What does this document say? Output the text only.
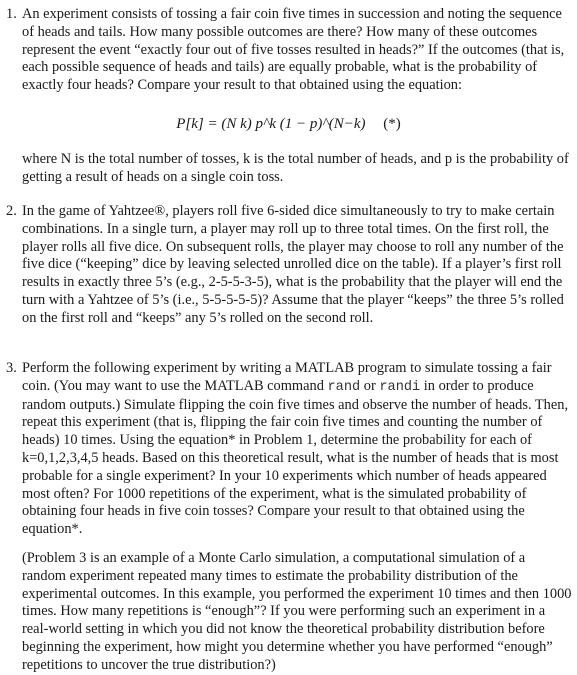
1. An experiment consists of tossing a fair coin five times in succession and noting the sequence of heads and tails. How many possible outcomes are there? How many of these outcomes represent the event “exactly four out of five tosses resulted in heads?” If the outcomes (that is, each possible sequence of heads and tails) are equally probable, what is the probability of exactly four heads? Compare your result to that obtained using the equation:

P[k] = (N k) p^k (1 − p)^(N−k) (*)

where N is the total number of tosses, k is the total number of heads, and p is the probability of getting a result of heads on a single coin toss.

2. In the game of Yahtzee®, players roll five 6-sided dice simultaneously to try to make certain combinations. In a single turn, a player may roll up to three total times. On the first roll, the player rolls all five dice. On subsequent rolls, the player may choose to roll any number of the five dice (“keeping” dice by leaving selected unrolled dice on the table). If a player’s first roll results in exactly three 5’s (e.g., 2-5-5-3-5), what is the probability that the player will end the turn with a Yahtzee of 5’s (i.e., 5-5-5-5-5)? Assume that the player “keeps” the three 5’s rolled on the first roll and “keeps” any 5’s rolled on the second roll.

3. Perform the following experiment by writing a MATLAB program to simulate tossing a fair coin. (You may want to use the MATLAB command rand or randi in order to produce random outputs.) Simulate flipping the coin five times and observe the number of heads. Then, repeat this experiment (that is, flipping the fair coin five times and counting the number of heads) 10 times. Using the equation* in Problem 1, determine the probability for each of k=0,1,2,3,4,5 heads. Based on this theoretical result, what is the number of heads that is most probable for a single experiment? In your 10 experiments which number of heads appeared most often? For 1000 repetitions of the experiment, what is the simulated probability of obtaining four heads in five coin tosses? Compare your result to that obtained using the equation*.

(Problem 3 is an example of a Monte Carlo simulation, a computational simulation of a random experiment repeated many times to estimate the probability distribution of the experimental outcomes. In this example, you performed the experiment 10 times and then 1000 times. How many repetitions is “enough”? If you were performing such an experiment in a real-world setting in which you did not know the theoretical probability distribution before beginning the experiment, how might you determine whether you have performed “enough” repetitions to uncover the true distribution?)
